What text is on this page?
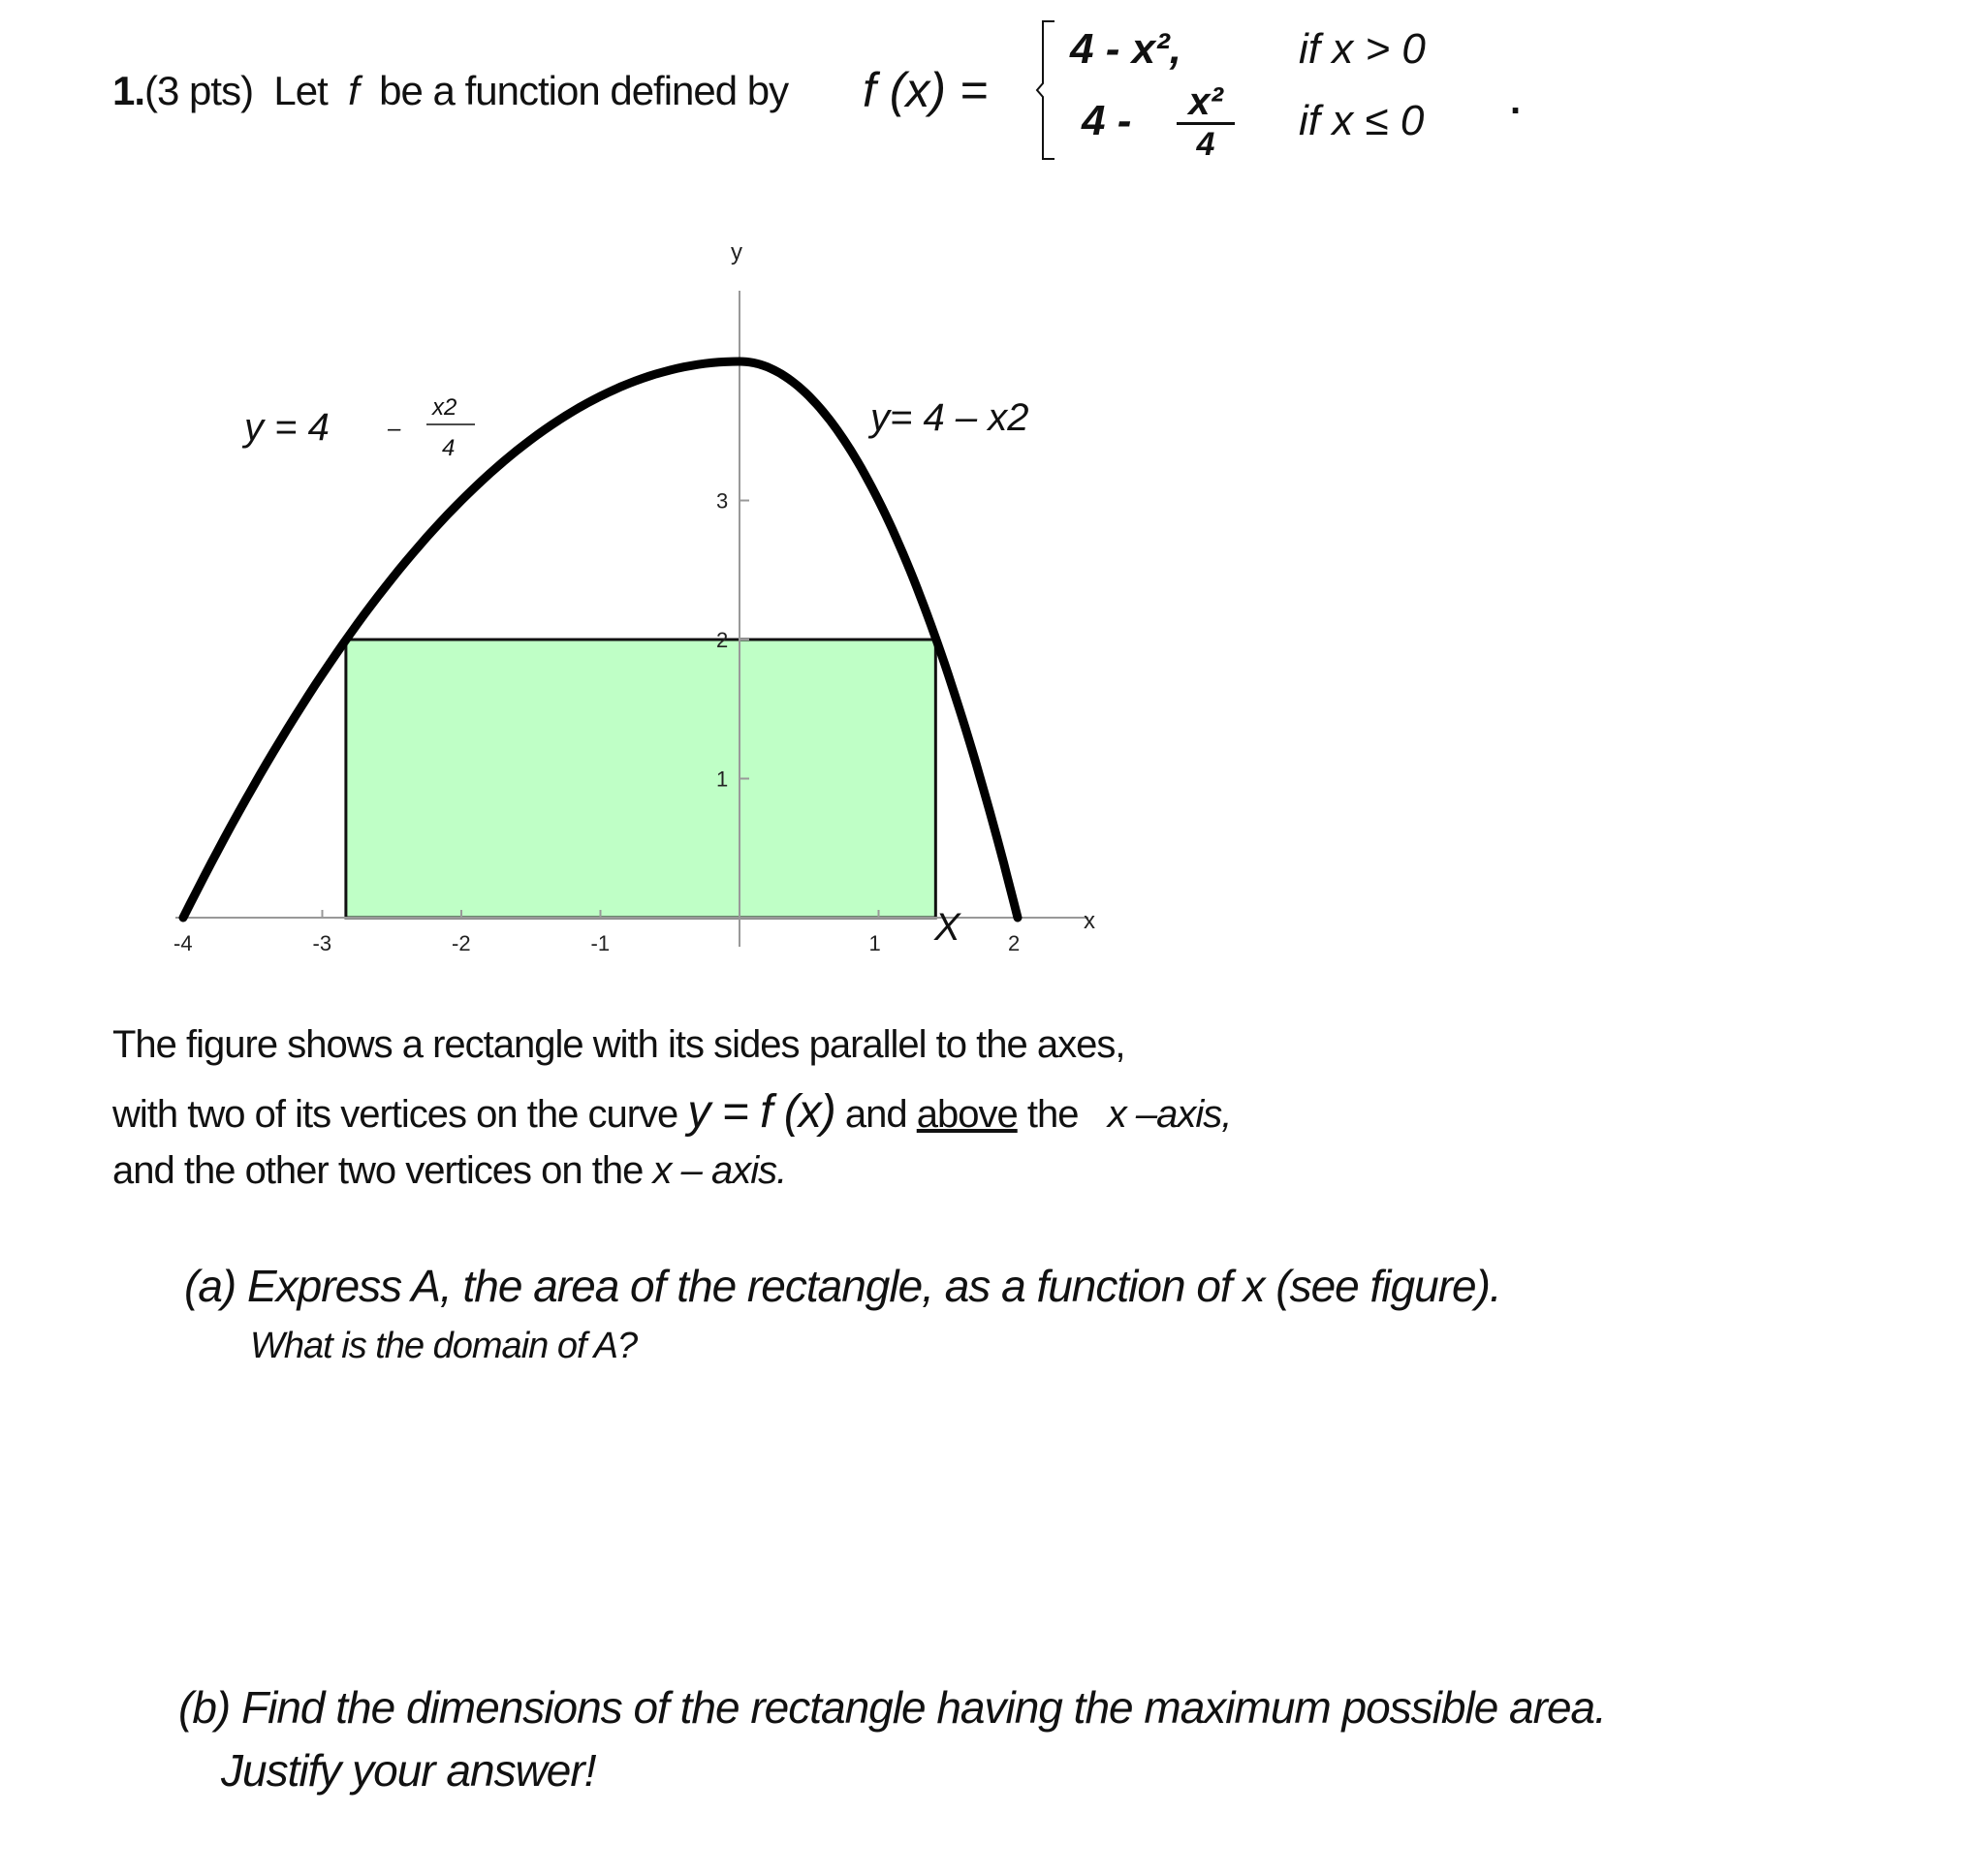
1.(3 pts) Let f be a function defined by f (x) =
4 - x²,	if x > 0
$4 - \frac{\text{x²}}{4}$ if x ≤ 0 .
-4	-3	-2	-1	1	2
1
2
3
y
x
y = 4	–
x2
4
y= 4 – x2
X
The figure shows a rectangle with its sides parallel to the axes,
with two of its vertices on the curve y = f (x) and above the x –axis,
and the other two vertices on the x – axis.
(a) Express A, the area of the rectangle, as a function of x (see figure).
What is the domain of A?
(b) Find the dimensions of the rectangle having the maximum possible area.
Justify your answer!
